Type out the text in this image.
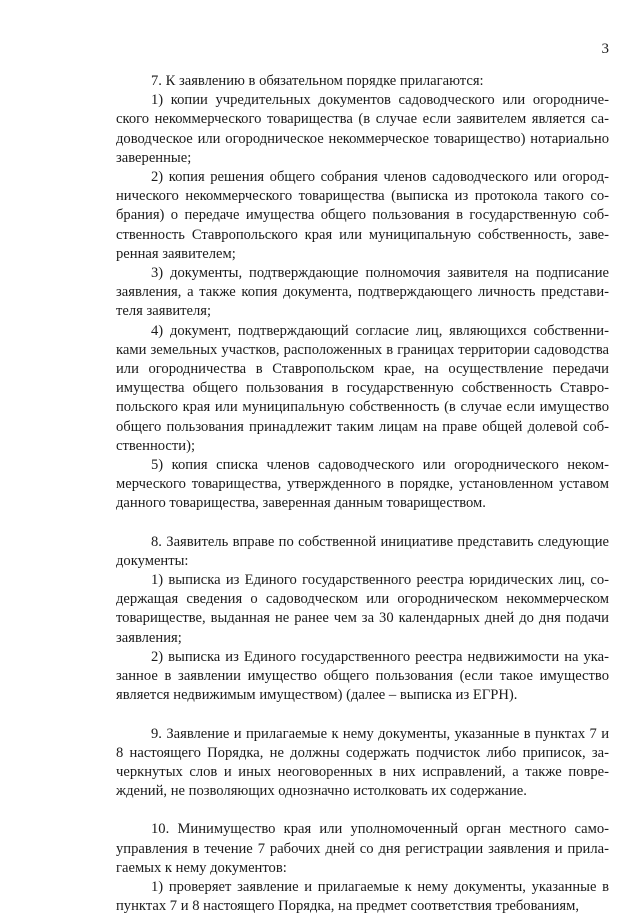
3

7. К заявлению в обязательном порядке прилагаются:

1) копии учредительных документов садоводческого или огороднического некоммерческого товарищества (в случае если заявителем является садоводческое или огородническое некоммерческое товарищество) нотариально заверенные;

2) копия решения общего собрания членов садоводческого или огороднического некоммерческого товарищества (выписка из протокола такого собрания) о передаче имущества общего пользования в государственную собственность Ставропольского края или муниципальную собственность, заверенная заявителем;

3) документы, подтверждающие полномочия заявителя на подписание заявления, а также копия документа, подтверждающего личность представителя заявителя;

4) документ, подтверждающий согласие лиц, являющихся собственниками земельных участков, расположенных в границах территории садоводства или огородничества в Ставропольском крае, на осуществление передачи имущества общего пользования в государственную собственность Ставропольского края или муниципальную собственность (в случае если имущество общего пользования принадлежит таким лицам на праве общей долевой собственности);

5) копия списка членов садоводческого или огороднического некоммерческого товарищества, утвержденного в порядке, установленном уставом данного товарищества, заверенная данным товариществом.

8. Заявитель вправе по собственной инициативе представить следующие документы:

1) выписка из Единого государственного реестра юридических лиц, содержащая сведения о садоводческом или огородническом некоммерческом товариществе, выданная не ранее чем за 30 календарных дней до дня подачи заявления;

2) выписка из Единого государственного реестра недвижимости на указанное в заявлении имущество общего пользования (если такое имущество является недвижимым имуществом) (далее – выписка из ЕГРН).

9. Заявление и прилагаемые к нему документы, указанные в пунктах 7 и 8 настоящего Порядка, не должны содержать подчисток либо приписок, зачеркнутых слов и иных неоговоренных в них исправлений, а также повреждений, не позволяющих однозначно истолковать их содержание.

10. Минимущество края или уполномоченный орган местного самоуправления в течение 7 рабочих дней со дня регистрации заявления и прилагаемых к нему документов:

1) проверяет заявление и прилагаемые к нему документы, указанные в пунктах 7 и 8 настоящего Порядка, на предмет соответствия требованиям,
